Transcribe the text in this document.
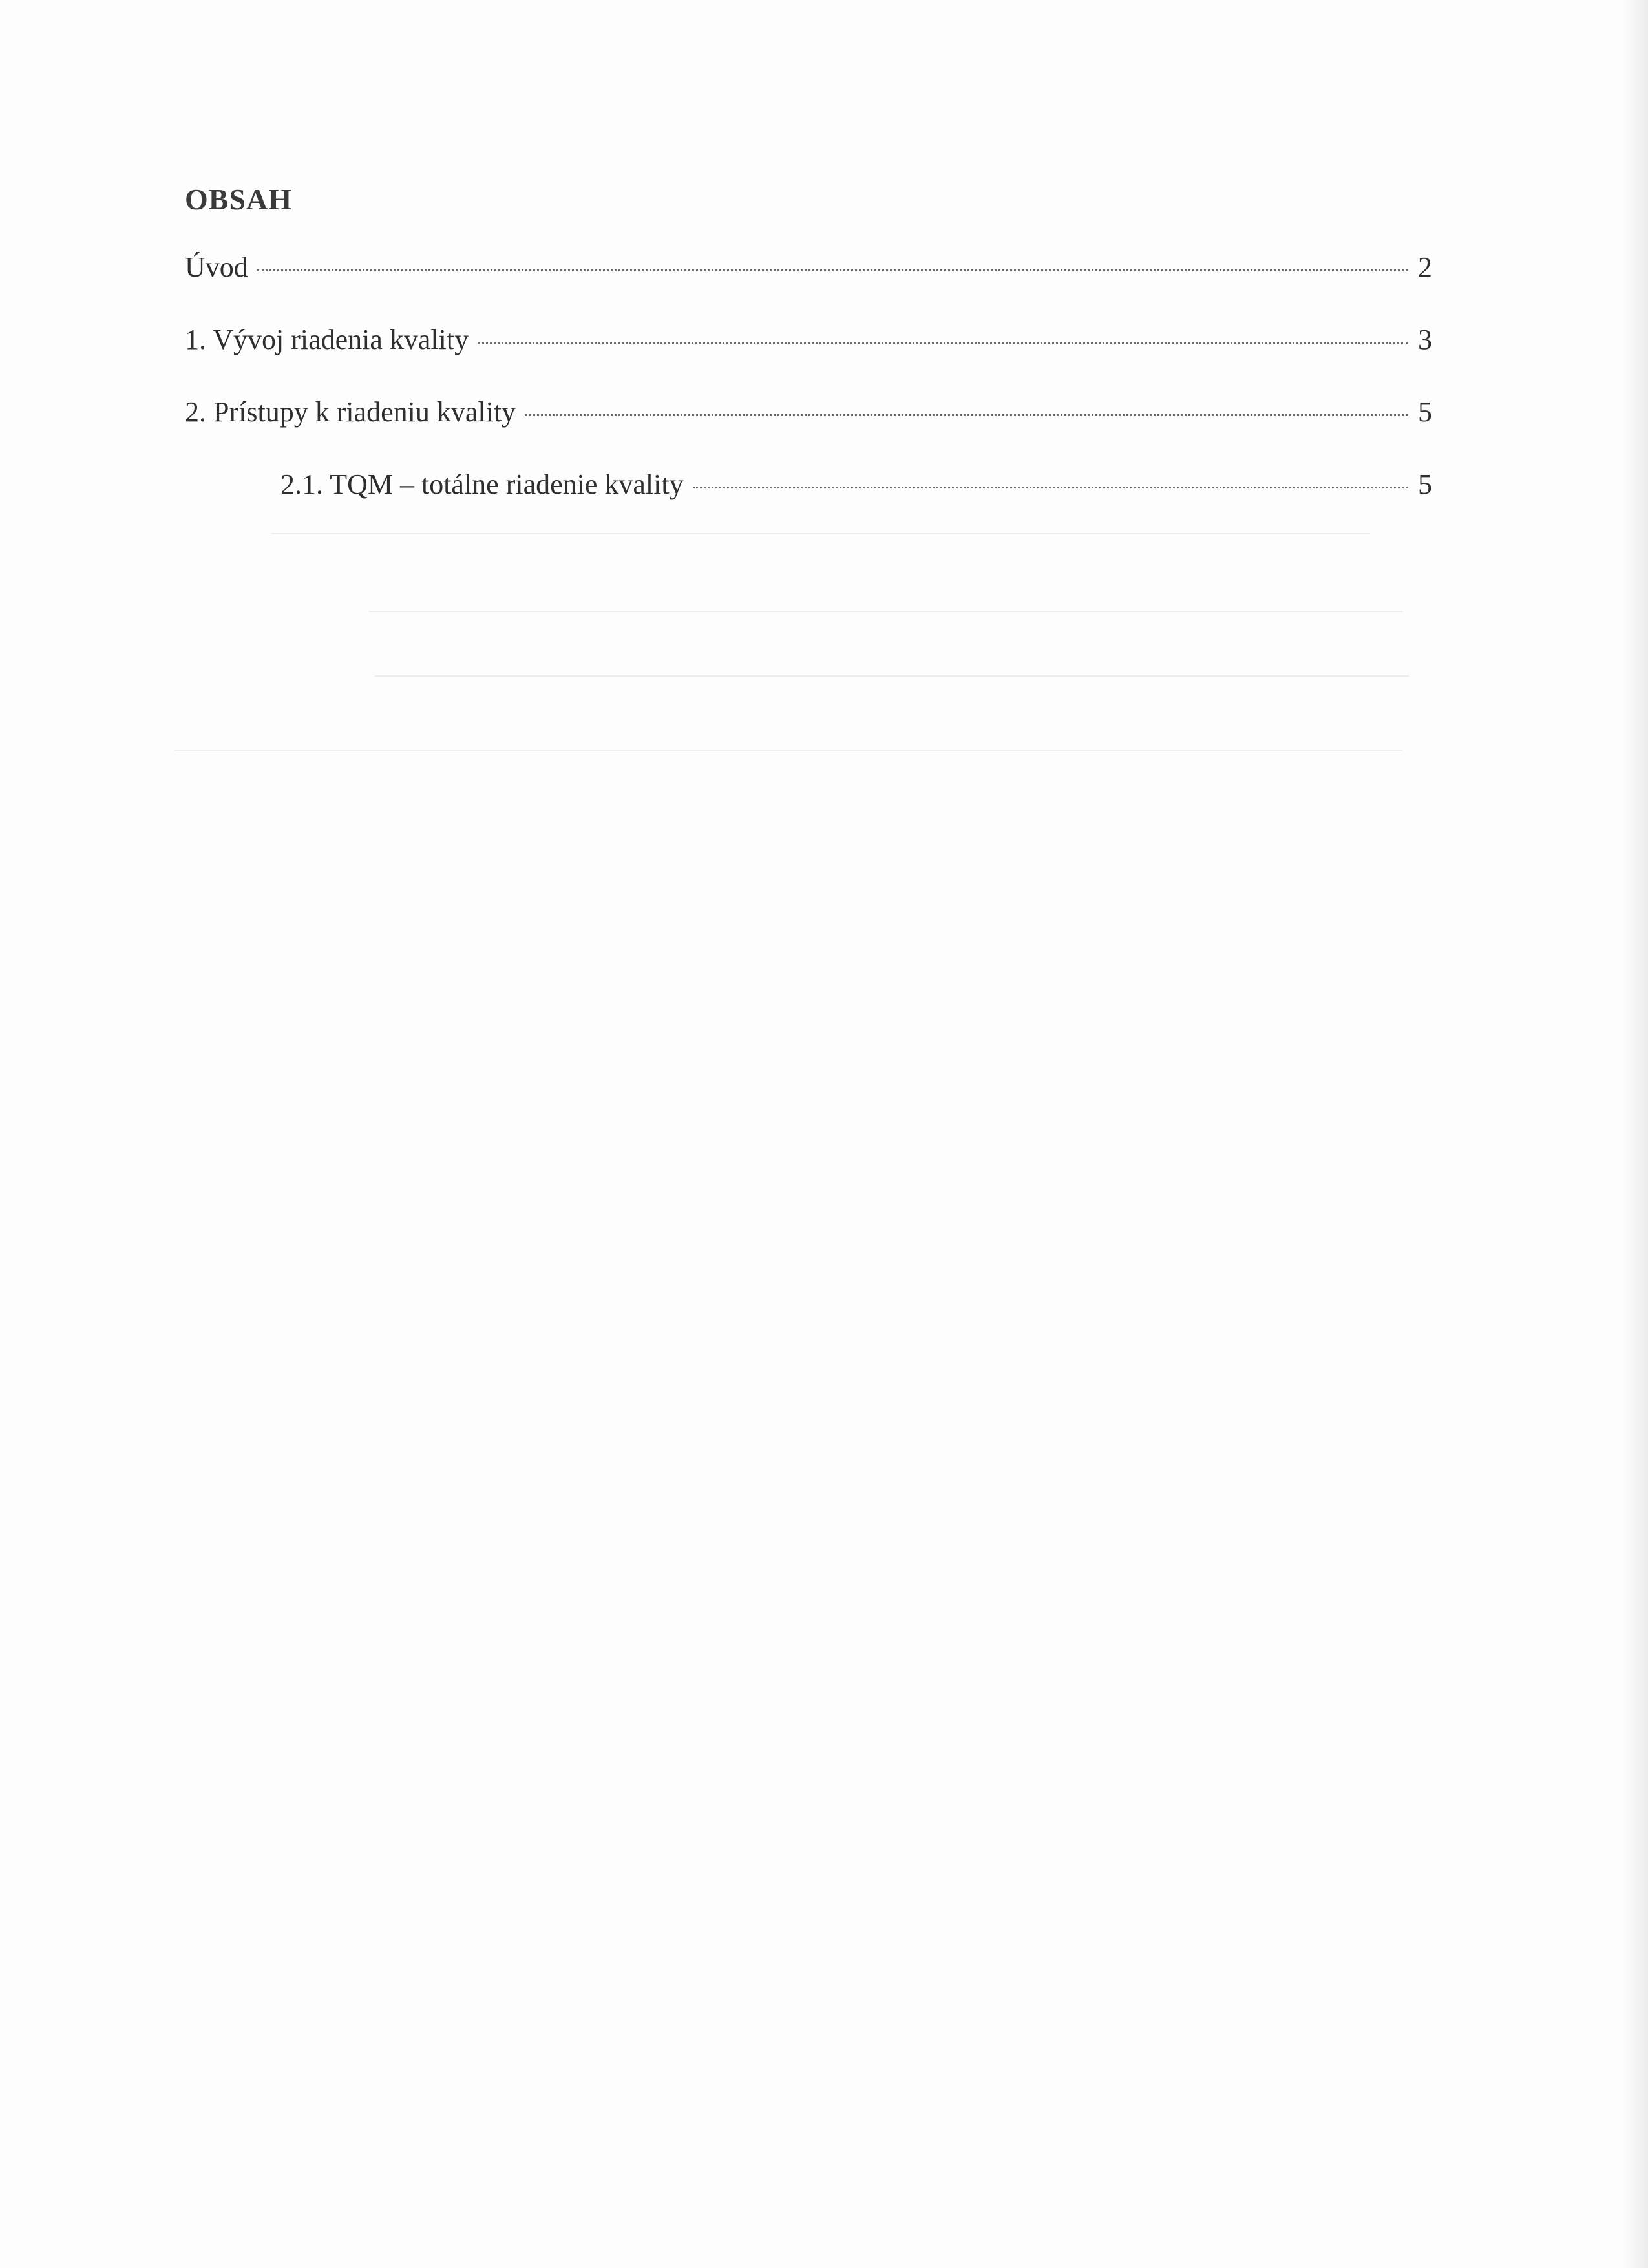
OBSAH
Úvod	2
1. Vývoj riadenia kvality	3
2. Prístupy k riadeniu kvality	5
2.1. TQM – totálne riadenie kvality	5
